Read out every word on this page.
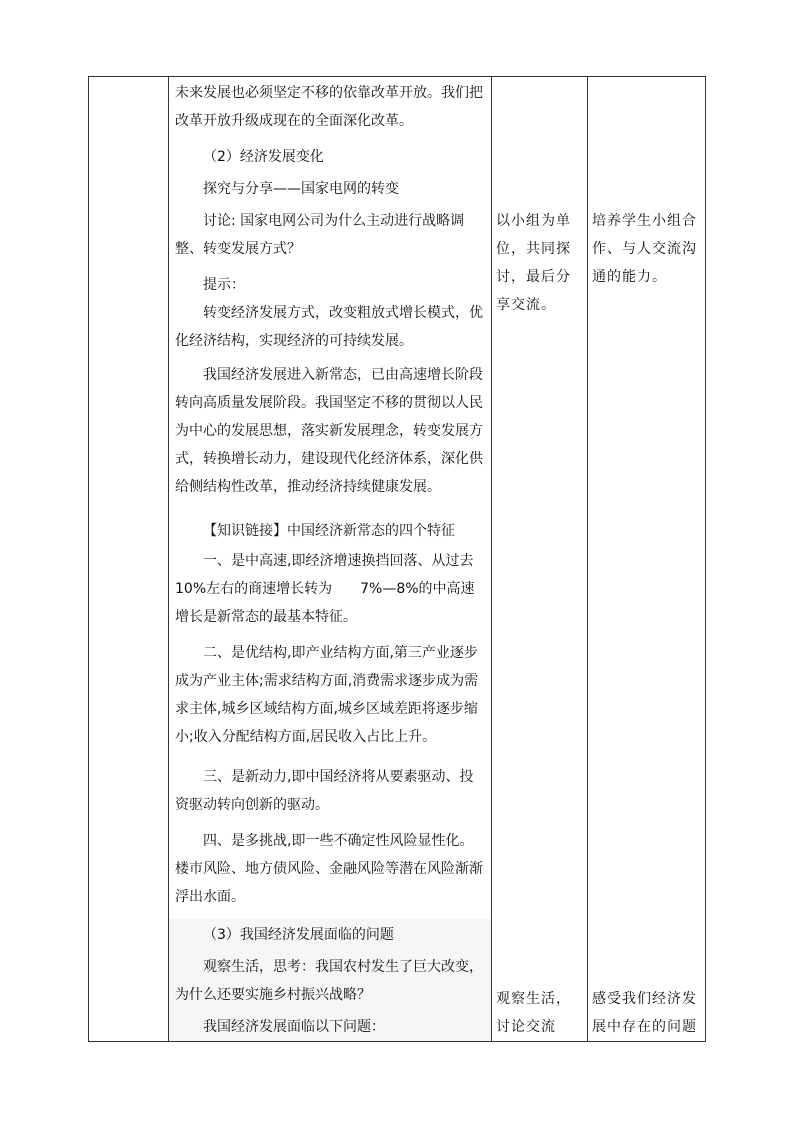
未来发展也必须坚定不移的依靠改革开放。我们把改革开放升级成现在的全面深化改革。

（2）经济发展变化

探究与分享——国家电网的转变

讨论: 国家电网公司为什么主动进行战略调整、转变发展方式？

提示：

转变经济发展方式，改变粗放式增长模式，优化经济结构，实现经济的可持续发展。

我国经济发展进入新常态，已由高速增长阶段转向高质量发展阶段。我国坚定不移的贯彻以人民为中心的发展思想，落实新发展理念，转变发展方式，转换增长动力，建设现代化经济体系，深化供给侧结构性改革，推动经济持续健康发展。

【知识链接】中国经济新常态的四个特征

一、是中高速,即经济增速换挡回落、从过去10%左右的商速增长转为　　7%—8%的中高速增长是新常态的最基本特征。

二、是优结构,即产业结构方面,第三产业逐步成为产业主体;需求结构方面,消费需求逐步成为需求主体,城乡区域结构方面,城乡区域差距将逐步缩小;收入分配结构方面,居民收入占比上升。

三、是新动力,即中国经济将从要素驱动、投资驱动转向创新的驱动。

四、是多挑战,即一些不确定性风险显性化。楼市风险、地方债风险、金融风险等潜在风险渐渐浮出水面。

（3）我国经济发展面临的问题

观察生活，思考：我国农村发生了巨大改变，为什么还要实施乡村振兴战略？

我国经济发展面临以下问题：

以小组为单位，共同探讨，最后分享交流。

观察生活，讨论交流

培养学生小组合作、与人交流沟通的能力。

感受我们经济发展中存在的问题
